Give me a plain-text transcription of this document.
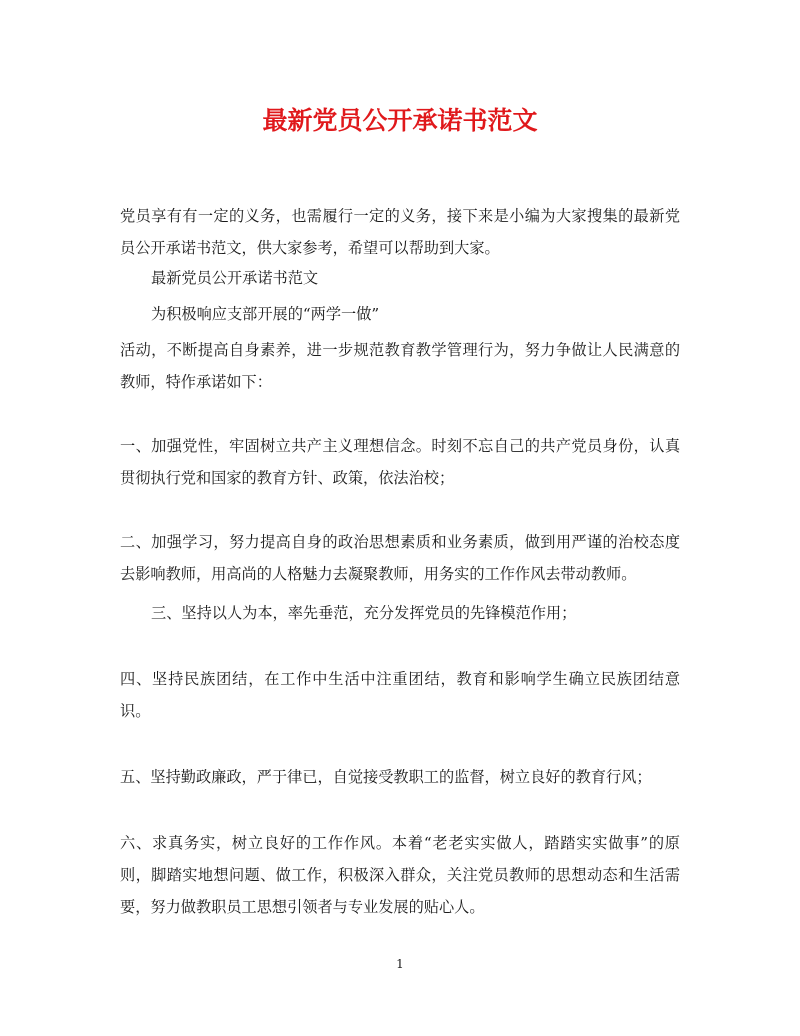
最新党员公开承诺书范文

党员享有有一定的义务，也需履行一定的义务，接下来是小编为大家搜集的最新党员公开承诺书范文，供大家参考，希望可以帮助到大家。

最新党员公开承诺书范文

为积极响应支部开展的“两学一做”

活动，不断提高自身素养，进一步规范教育教学管理行为，努力争做让人民满意的教师，特作承诺如下：

一、加强党性，牢固树立共产主义理想信念。时刻不忘自己的共产党员身份，认真贯彻执行党和国家的教育方针、政策，依法治校；

二、加强学习，努力提高自身的政治思想素质和业务素质，做到用严谨的治校态度去影响教师，用高尚的人格魅力去凝聚教师，用务实的工作作风去带动教师。

三、坚持以人为本，率先垂范，充分发挥党员的先锋模范作用；

四、坚持民族团结，在工作中生活中注重团结，教育和影响学生确立民族团结意识。

五、坚持勤政廉政，严于律已，自觉接受教职工的监督，树立良好的教育行风；

六、求真务实，树立良好的工作作风。本着“老老实实做人，踏踏实实做事”的原则，脚踏实地想问题、做工作，积极深入群众，关注党员教师的思想动态和生活需要，努力做教职员工思想引领者与专业发展的贴心人。

1
